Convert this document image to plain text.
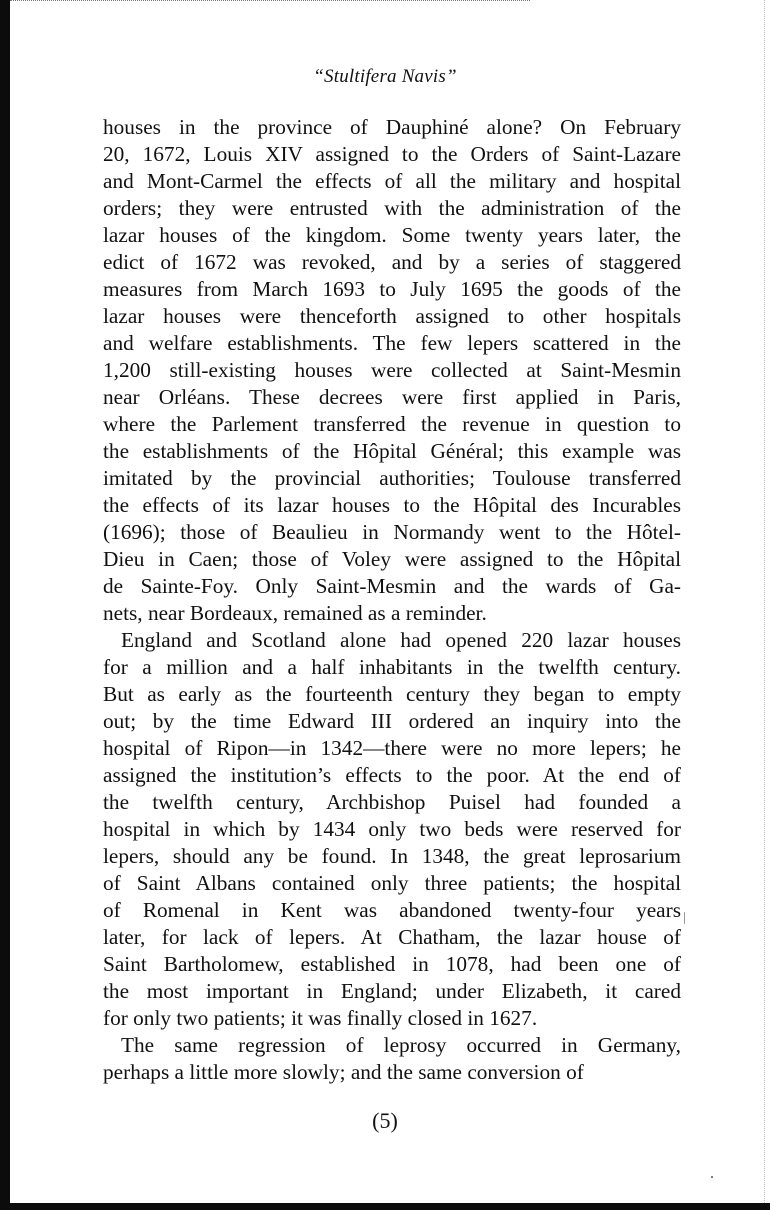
“Stultifera Navis”
houses in the province of Dauphiné alone? On February
20, 1672, Louis XIV assigned to the Orders of Saint-Lazare
and Mont-Carmel the effects of all the military and hospital
orders; they were entrusted with the administration of the
lazar houses of the kingdom. Some twenty years later, the
edict of 1672 was revoked, and by a series of staggered
measures from March 1693 to July 1695 the goods of the
lazar houses were thenceforth assigned to other hospitals
and welfare establishments. The few lepers scattered in the
1,200 still-existing houses were collected at Saint-Mesmin
near Orléans. These decrees were first applied in Paris,
where the Parlement transferred the revenue in question to
the establishments of the Hôpital Général; this example was
imitated by the provincial authorities; Toulouse transferred
the effects of its lazar houses to the Hôpital des Incurables
(1696); those of Beaulieu in Normandy went to the Hôtel-
Dieu in Caen; those of Voley were assigned to the Hôpital
de Sainte-Foy. Only Saint-Mesmin and the wards of Ga-
nets, near Bordeaux, remained as a reminder.
England and Scotland alone had opened 220 lazar houses
for a million and a half inhabitants in the twelfth century.
But as early as the fourteenth century they began to empty
out; by the time Edward III ordered an inquiry into the
hospital of Ripon—in 1342—there were no more lepers; he
assigned the institution’s effects to the poor. At the end of
the twelfth century, Archbishop Puisel had founded a
hospital in which by 1434 only two beds were reserved for
lepers, should any be found. In 1348, the great leprosarium
of Saint Albans contained only three patients; the hospital
of Romenal in Kent was abandoned twenty-four years
later, for lack of lepers. At Chatham, the lazar house of
Saint Bartholomew, established in 1078, had been one of
the most important in England; under Elizabeth, it cared
for only two patients; it was finally closed in 1627.
The same regression of leprosy occurred in Germany,
perhaps a little more slowly; and the same conversion of
(5)
